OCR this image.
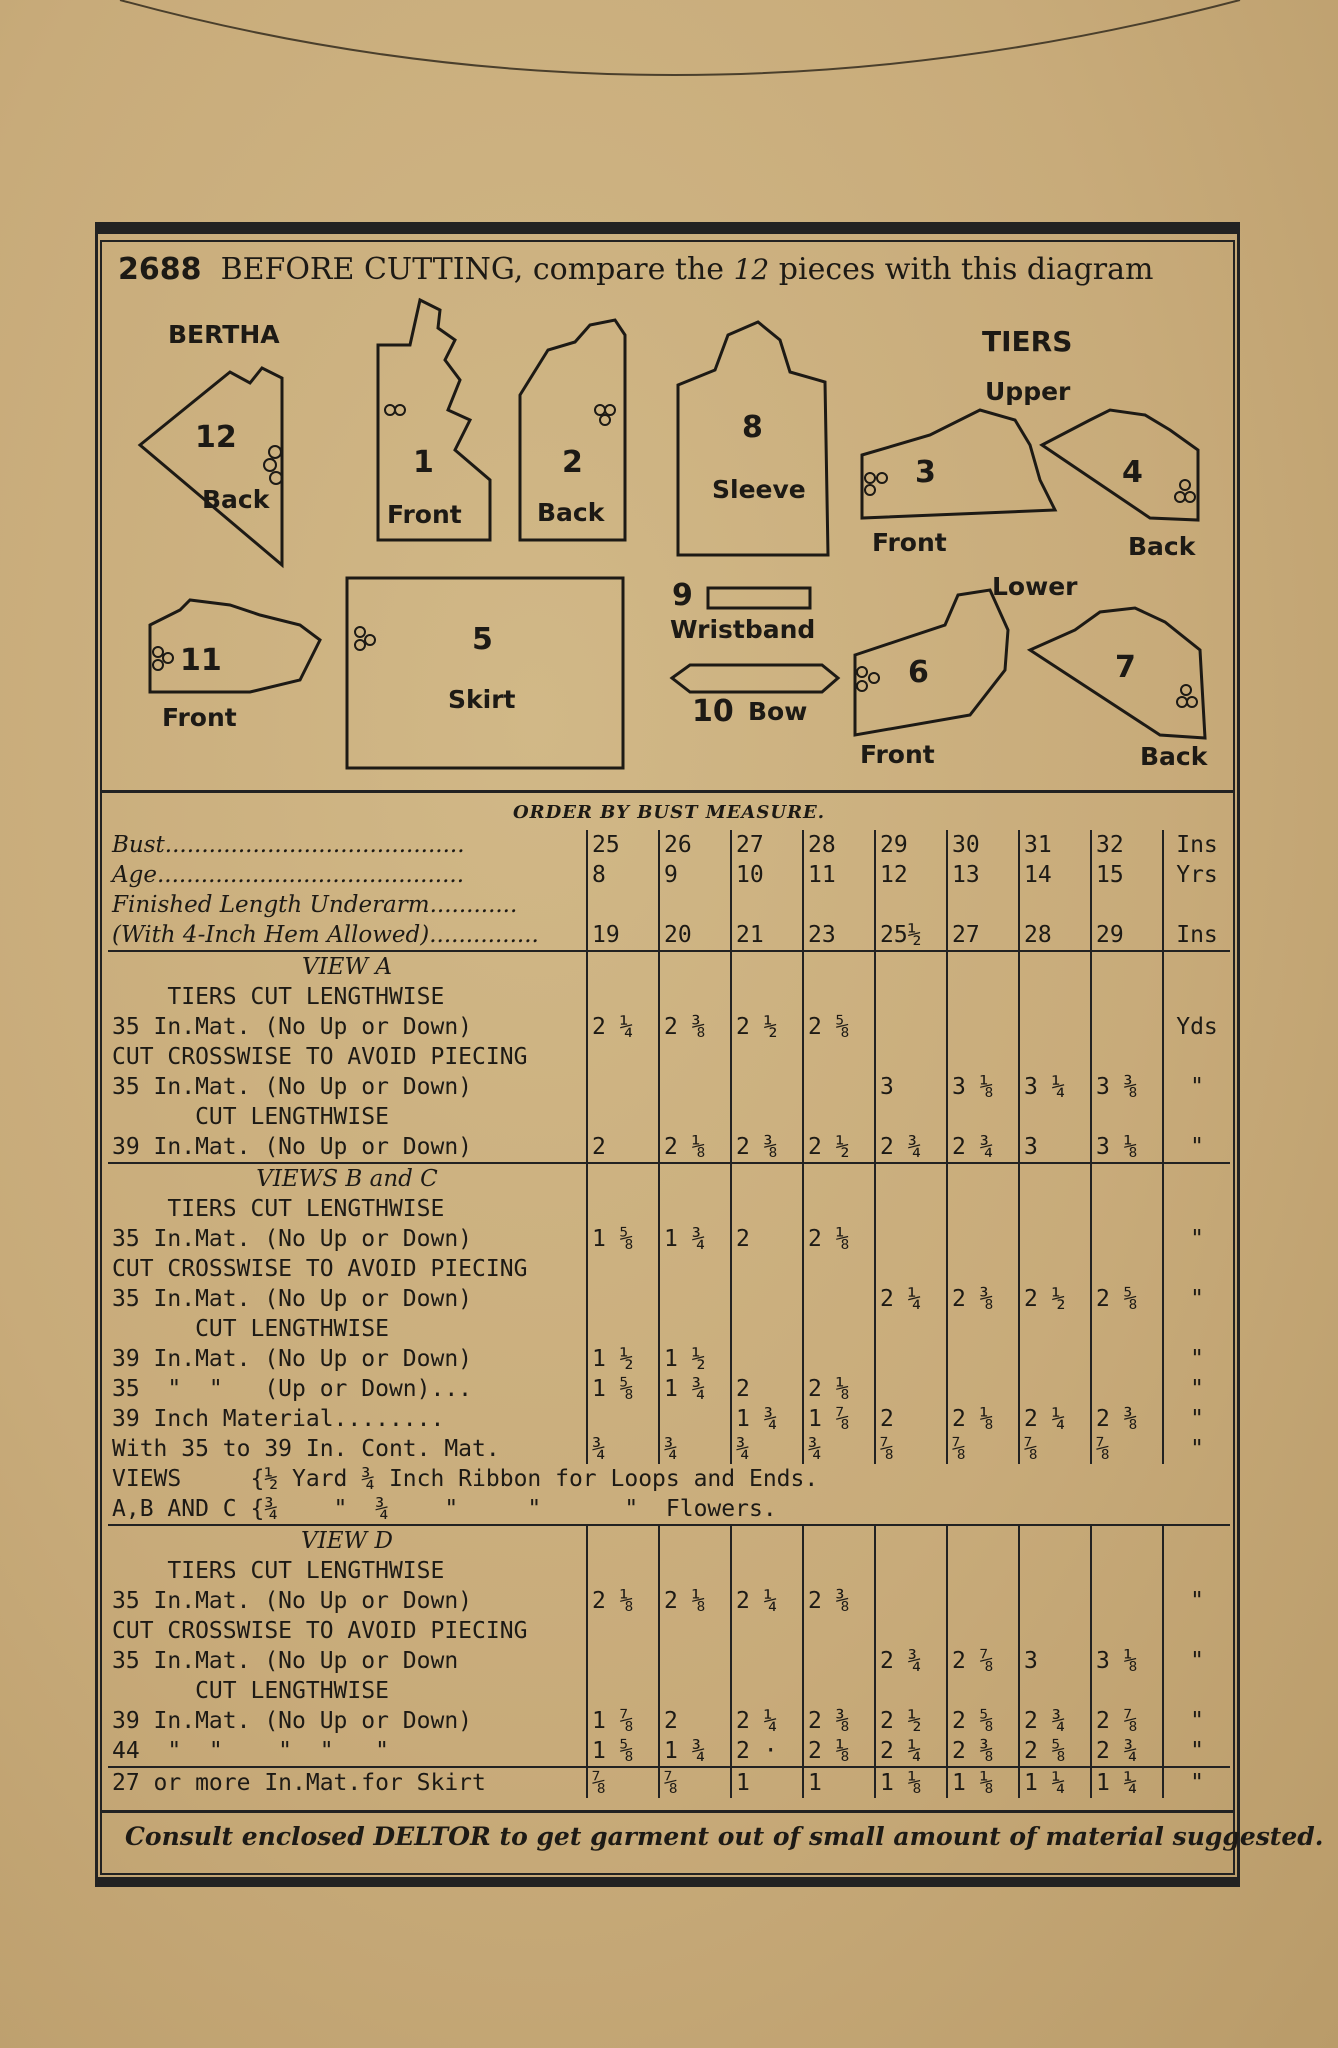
2688 BEFORE CUTTING, compare the 12 pieces with this diagram
BERTHA	TIERS
Upper
Lower
12
Back
1
Front
2
Back
8
Sleeve	3
Front
4
Back
11
Front
5
Skirt
9
Wristband
10 Bow
6
Front
7
Back
ORDER BY BUST MEASURE.
Bust.........................................	25	26	27	28	29	30	31	32	Ins
Age..........................................	8	9	10	11	12	13	14	15	Yrs
Finished Length Underarm............									
(With 4-Inch Hem Allowed)...............	19	20	21	23	25½	27	28	29	Ins
VIEW A									
TIERS CUT LENGTHWISE									
35 In.Mat. (No Up or Down)	2 ¼	2 ⅜	2 ½	2 ⅝					Yds
CUT CROSSWISE TO AVOID PIECING									
35 In.Mat. (No Up or Down)					3	3 ⅛	3 ¼	3 ⅜	"
CUT LENGTHWISE									
39 In.Mat. (No Up or Down)	2	2 ⅛	2 ⅜	2 ½	2 ¾	2 ¾	3	3 ⅛	"
VIEWS B and C									
TIERS CUT LENGTHWISE									
35 In.Mat. (No Up or Down)	1 ⅝	1 ¾	2	2 ⅛					"
CUT CROSSWISE TO AVOID PIECING									
35 In.Mat. (No Up or Down)					2 ¼	2 ⅜	2 ½	2 ⅝	"
CUT LENGTHWISE									
39 In.Mat. (No Up or Down)	1 ½	1 ½							"
35  "  "   (Up or Down)...	1 ⅝	1 ¾	2	2 ⅛					"
39 Inch Material........			1 ¾	1 ⅞	2	2 ⅛	2 ¼	2 ⅜	"
With 35 to 39 In. Cont. Mat.	¾	¾	¾	¾	⅞	⅞	⅞	⅞	"
VIEWS     {½ Yard ¾ Inch Ribbon for Loops and Ends.									
A,B AND C {¾    "  ¾    "     "      "  Flowers.									
VIEW D									
TIERS CUT LENGTHWISE									
35 In.Mat. (No Up or Down)	2 ⅛	2 ⅛	2 ¼	2 ⅜					"
CUT CROSSWISE TO AVOID PIECING									
35 In.Mat. (No Up or Down					2 ¾	2 ⅞	3	3 ⅛	"
CUT LENGTHWISE									
39 In.Mat. (No Up or Down)	1 ⅞	2	2 ¼	2 ⅜	2 ½	2 ⅝	2 ¾	2 ⅞	"
44  "  "    "  "   "	1 ⅝	1 ¾	2 ·	2 ⅛	2 ¼	2 ⅜	2 ⅝	2 ¾	"
27 or more In.Mat.for Skirt	⅞	⅞	1	1	1 ⅛	1 ⅛	1 ¼	1 ¼	"
Consult enclosed DELTOR to get garment out of small amount of material suggested.
